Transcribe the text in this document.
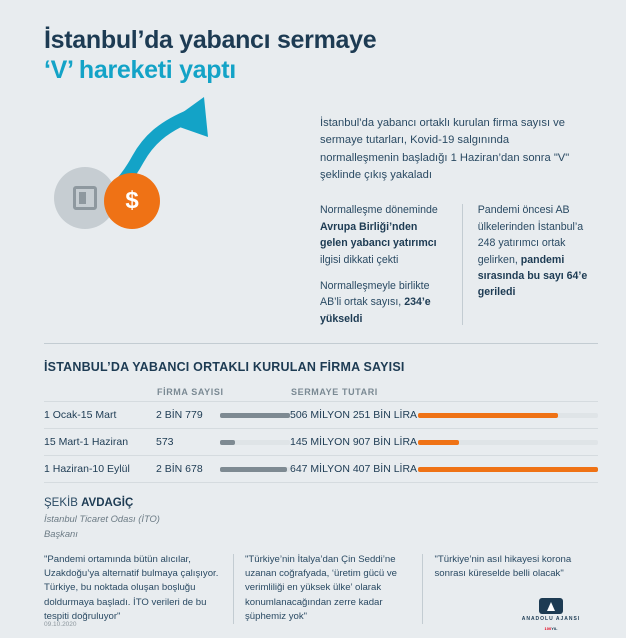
İstanbul’da yabancı sermaye
‘V’ hareketi yaptı
$
İstanbul’da yabancı ortaklı kurulan firma sayısı ve sermaye tutarları, Kovid-19 salgınında normalleşmenin başladığı 1 Haziran’dan sonra "V" şeklinde çıkış yakaladı
Normalleşme döneminde Avrupa Birliği’nden gelen yabancı yatırımcı ilgisi dikkati çekti
Normalleşmeyle birlikte AB’li ortak sayısı, 234’e yükseldi
Pandemi öncesi AB ülkelerinden İstanbul’a 248 yatırımcı ortak gelirken, pandemi sırasında bu sayı 64’e geriledi
İSTANBUL’DA YABANCI ORTAKLI KURULAN FİRMA SAYISI
	FİRMA SAYISI		SERMAYE TUTARI	
1 Ocak-15 Mart	2 BİN 779		506 MİLYON 251 BİN LİRA	

15 Mart-1 Haziran	573		145 MİLYON 907 BİN LİRA	

1 Haziran-10 Eylül	2 BİN 678		647 MİLYON 407 BİN LİRA	
ŞEKİB AVDAGİÇ
İstanbul Ticaret Odası (İTO)
Başkanı
"Pandemi ortamında bütün alıcılar, Uzakdoğu’ya alternatif bulmaya çalışıyor. Türkiye, bu noktada oluşan boşluğu doldurmaya başladı. İTO verileri de bu tespiti doğruluyor"
"Türkiye’nin İtalya’dan Çin Seddi’ne uzanan coğrafyada, ‘üretim gücü ve verimliliği en yüksek ülke’ olarak konumlanacağından zerre kadar şüphemiz yok"
"Türkiye’nin asıl hikayesi korona sonrası küreselde belli olacak"
09.10.2020
ANADOLU AJANSI
100YIL
